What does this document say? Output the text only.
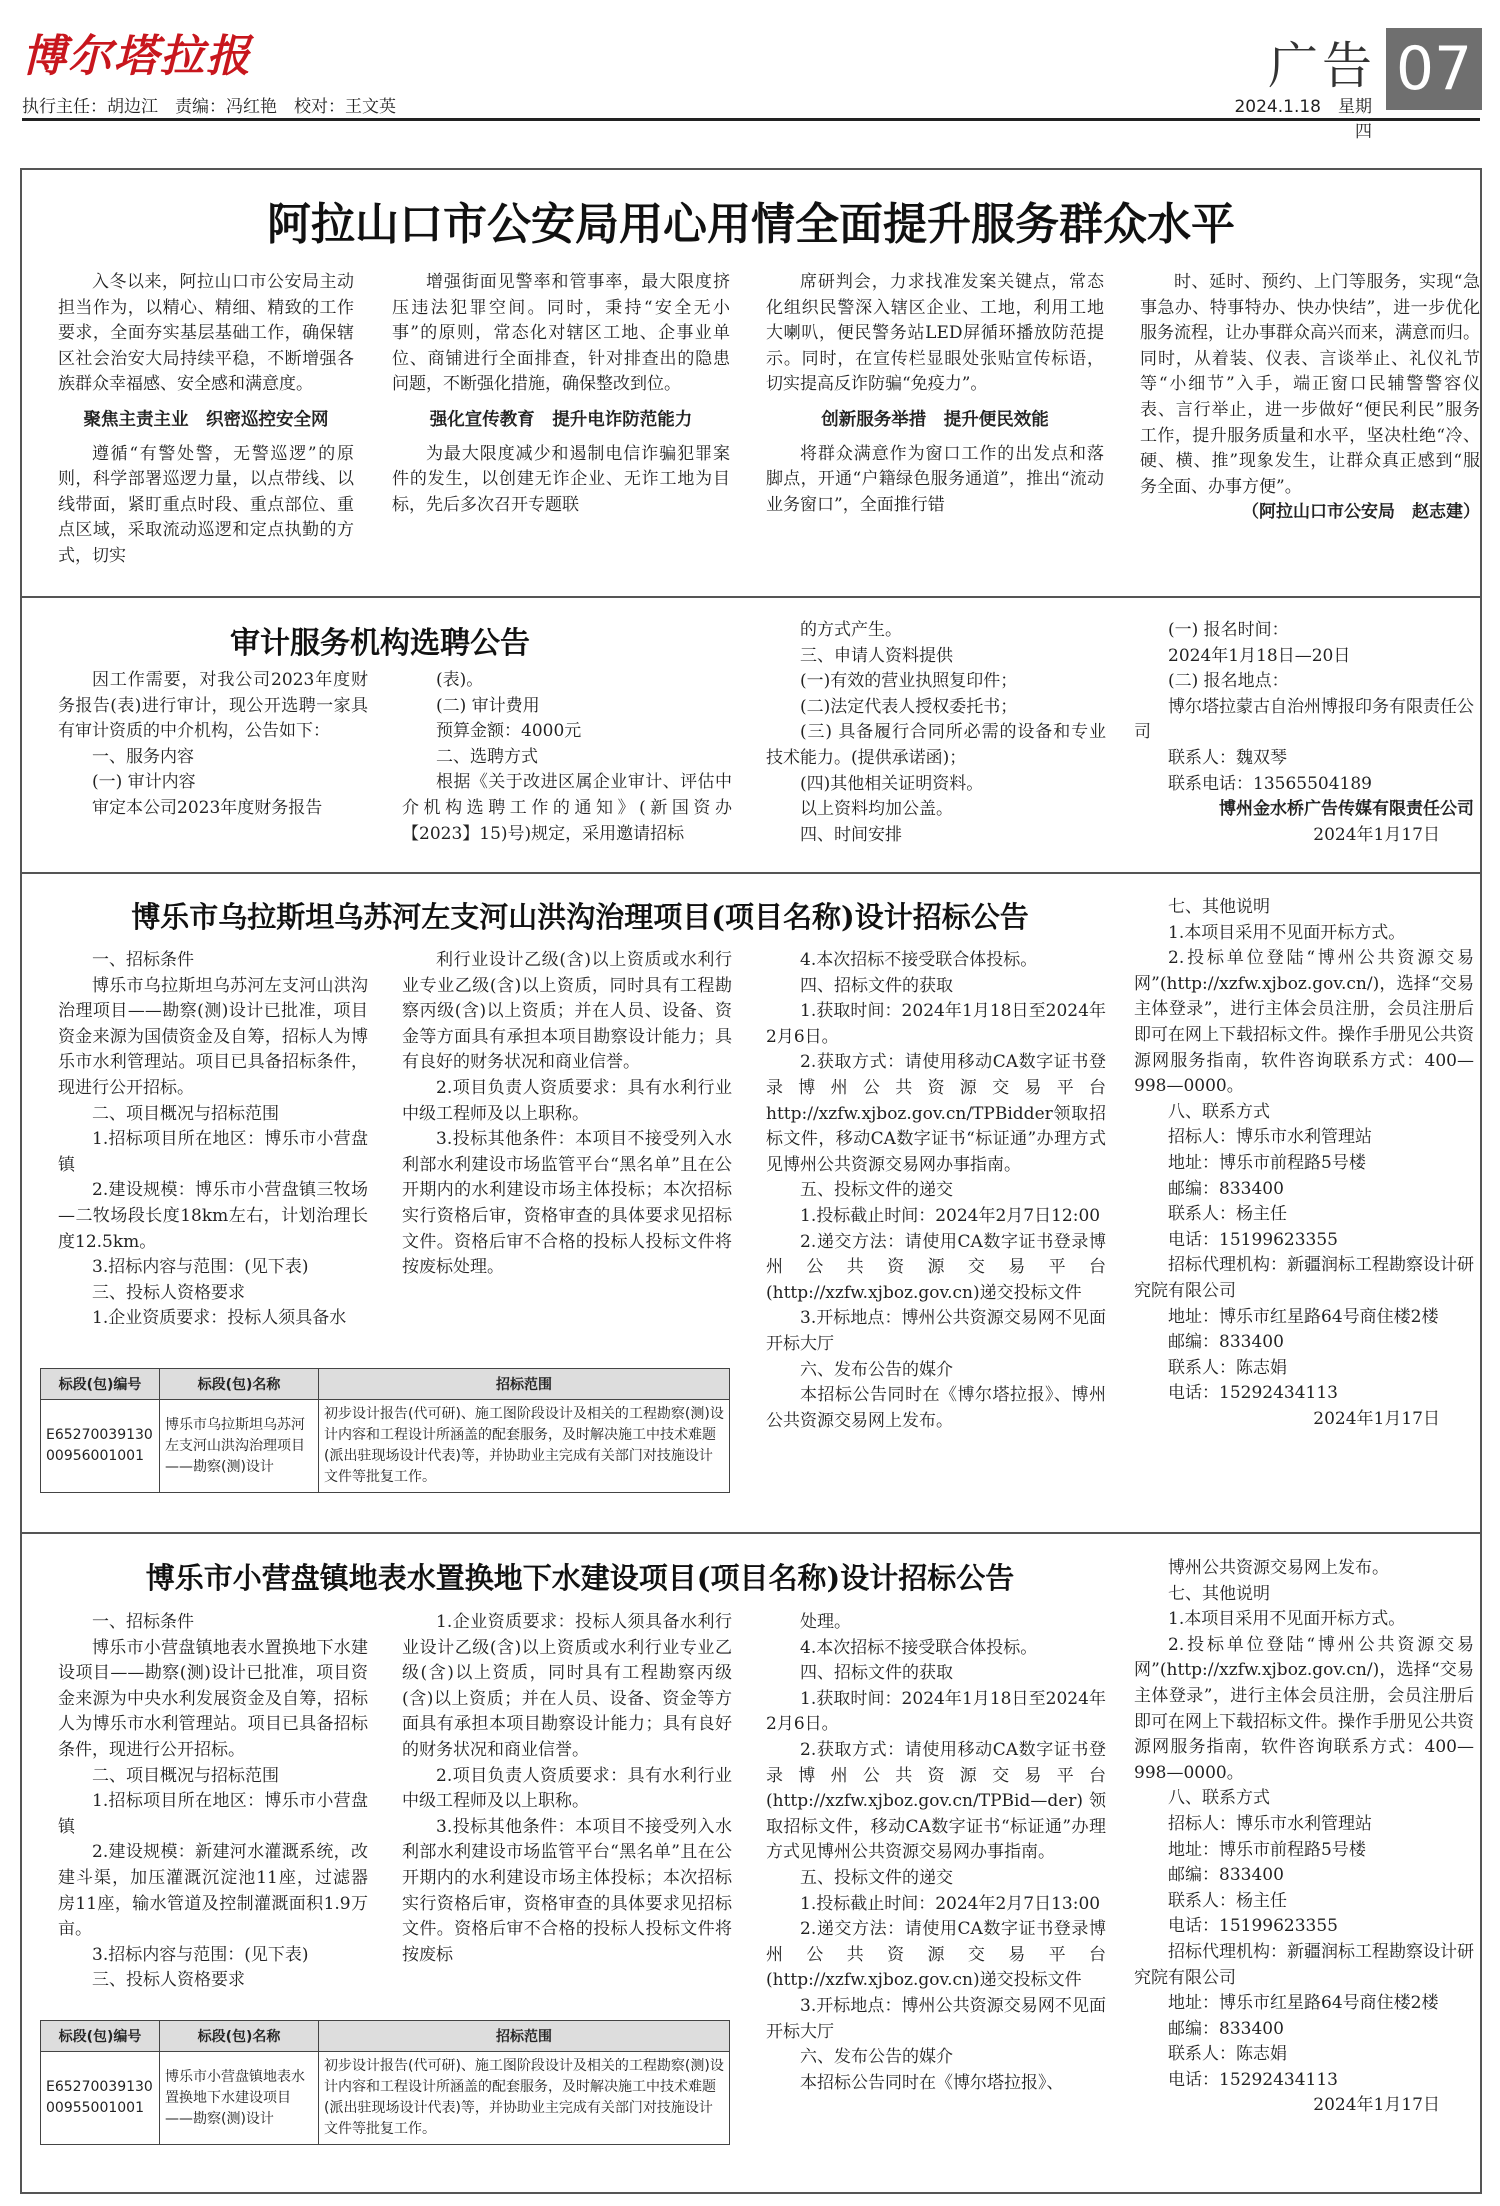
博尔塔拉报
执行主任：胡边江　责编：冯红艳　校对：王文英
广告 07
2024.1.18　星期四
阿拉山口市公安局用心用情全面提升服务群众水平

入冬以来，阿拉山口市公安局主动担当作为，以精心、精细、精致的工作要求，全面夯实基层基础工作，确保辖区社会治安大局持续平稳，不断增强各族群众幸福感、安全感和满意度。

聚焦主责主业　织密巡控安全网

遵循“有警处警，无警巡逻”的原则，科学部署巡逻力量，以点带线、以线带面，紧盯重点时段、重点部位、重点区域，采取流动巡逻和定点执勤的方式，切实

增强街面见警率和管事率，最大限度挤压违法犯罪空间。同时，秉持“安全无小事”的原则，常态化对辖区工地、企事业单位、商铺进行全面排查，针对排查出的隐患问题，不断强化措施，确保整改到位。

强化宣传教育　提升电诈防范能力

为最大限度减少和遏制电信诈骗犯罪案件的发生，以创建无诈企业、无诈工地为目标，先后多次召开专题联

席研判会，力求找准发案关键点，常态化组织民警深入辖区企业、工地，利用工地大喇叭，便民警务站LED屏循环播放防范提示。同时，在宣传栏显眼处张贴宣传标语，切实提高反诈防骗“免疫力”。

创新服务举措　提升便民效能

将群众满意作为窗口工作的出发点和落脚点，开通“户籍绿色服务通道”，推出“流动业务窗口”，全面推行错

时、延时、预约、上门等服务，实现“急事急办、特事特办、快办快结”，进一步优化服务流程，让办事群众高兴而来，满意而归。同时，从着装、仪表、言谈举止、礼仪礼节等“小细节”入手，端正窗口民辅警警容仪表、言行举止，进一步做好“便民利民”服务工作，提升服务质量和水平，坚决杜绝“冷、硬、横、推”现象发生，让群众真正感到“服务全面、办事方便”。

（阿拉山口市公安局　赵志建）

审计服务机构选聘公告

因工作需要，对我公司2023年度财务报告(表)进行审计，现公开选聘一家具有审计资质的中介机构，公告如下：

一、服务内容

(一) 审计内容

审定本公司2023年度财务报告

(表)。

(二) 审计费用

预算金额：4000元

二、选聘方式

根据《关于改进区属企业审计、评估中介机构选聘工作的通知》(新国资办【2023】15)号)规定，采用邀请招标

的方式产生。

三、申请人资料提供

(一)有效的营业执照复印件；

(二)法定代表人授权委托书；

(三) 具备履行合同所必需的设备和专业技术能力。(提供承诺函)；

(四)其他相关证明资料。

以上资料均加公盖。

四、时间安排

(一) 报名时间：

2024年1月18日—20日

(二) 报名地点：

博尔塔拉蒙古自治州博报印务有限责任公司

联系人：魏双琴

联系电话：13565504189

博州金水桥广告传媒有限责任公司

2024年1月17日

博乐市乌拉斯坦乌苏河左支河山洪沟治理项目(项目名称)设计招标公告

一、招标条件

博乐市乌拉斯坦乌苏河左支河山洪沟治理项目——勘察(测)设计已批准，项目资金来源为国债资金及自筹，招标人为博乐市水利管理站。项目已具备招标条件，现进行公开招标。

二、项目概况与招标范围

1.招标项目所在地区：博乐市小营盘镇

2.建设规模：博乐市小营盘镇三牧场—二牧场段长度18km左右，计划治理长度12.5km。

3.招标内容与范围：(见下表)

三、投标人资格要求

1.企业资质要求：投标人须具备水

利行业设计乙级(含)以上资质或水利行业专业乙级(含)以上资质，同时具有工程勘察丙级(含)以上资质；并在人员、设备、资金等方面具有承担本项目勘察设计能力；具有良好的财务状况和商业信誉。

2.项目负责人资质要求：具有水利行业中级工程师及以上职称。

3.投标其他条件：本项目不接受列入水利部水利建设市场监管平台“黑名单”且在公开期内的水利建设市场主体投标；本次招标实行资格后审，资格审查的具体要求见招标文件。资格后审不合格的投标人投标文件将按废标处理。

4.本次招标不接受联合体投标。

四、招标文件的获取

1.获取时间：2024年1月18日至2024年2月6日。

2.获取方式：请使用移动CA数字证书登录博州公共资源交易平台http://xzfw.xjboz.gov.cn/TPBidder领取招标文件，移动CA数字证书“标证通”办理方式见博州公共资源交易网办事指南。

五、投标文件的递交

1.投标截止时间：2024年2月7日12:00

2.递交方法：请使用CA数字证书登录博州公共资源交易平台(http://xzfw.xjboz.gov.cn)递交投标文件

3.开标地点：博州公共资源交易网不见面开标大厅

六、发布公告的媒介

本招标公告同时在《博尔塔拉报》、博州公共资源交易网上发布。

七、其他说明

1.本项目采用不见面开标方式。

2.投标单位登陆“博州公共资源交易网”(http://xzfw.xjboz.gov.cn/)，选择“交易主体登录”，进行主体会员注册，会员注册后即可在网上下载招标文件。操作手册见公共资源网服务指南，软件咨询联系方式：400—998—0000。

八、联系方式

招标人：博乐市水利管理站

地址：博乐市前程路5号楼

邮编：833400

联系人：杨主任

电话：15199623355

招标代理机构：新疆润标工程勘察设计研究院有限公司

地址：博乐市红星路64号商住楼2楼

邮编：833400

联系人：陈志娟

电话：15292434113

2024年1月17日

标段(包)编号	标段(包)名称	招标范围
E6527003913000956001001	博乐市乌拉斯坦乌苏河左支河山洪沟治理项目——勘察(测)设计	初步设计报告(代可研)、施工图阶段设计及相关的工程勘察(测)设计内容和工程设计所涵盖的配套服务，及时解决施工中技术难题(派出驻现场设计代表)等，并协助业主完成有关部门对技施设计文件等批复工作。
博乐市小营盘镇地表水置换地下水建设项目(项目名称)设计招标公告

一、招标条件

博乐市小营盘镇地表水置换地下水建设项目——勘察(测)设计已批准，项目资金来源为中央水利发展资金及自筹，招标人为博乐市水利管理站。项目已具备招标条件，现进行公开招标。

二、项目概况与招标范围

1.招标项目所在地区：博乐市小营盘镇

2.建设规模：新建河水灌溉系统，改建斗渠，加压灌溉沉淀池11座，过滤器房11座，输水管道及控制灌溉面积1.9万亩。

3.招标内容与范围：(见下表)

三、投标人资格要求

1.企业资质要求：投标人须具备水利行业设计乙级(含)以上资质或水利行业专业乙级(含)以上资质，同时具有工程勘察丙级(含)以上资质；并在人员、设备、资金等方面具有承担本项目勘察设计能力；具有良好的财务状况和商业信誉。

2.项目负责人资质要求：具有水利行业中级工程师及以上职称。

3.投标其他条件：本项目不接受列入水利部水利建设市场监管平台“黑名单”且在公开期内的水利建设市场主体投标；本次招标实行资格后审，资格审查的具体要求见招标文件。资格后审不合格的投标人投标文件将按废标

处理。

4.本次招标不接受联合体投标。

四、招标文件的获取

1.获取时间：2024年1月18日至2024年2月6日。

2.获取方式：请使用移动CA数字证书登录博州公共资源交易平台(http://xzfw.xjboz.gov.cn/TPBid—der)领取招标文件，移动CA数字证书“标证通”办理方式见博州公共资源交易网办事指南。

五、投标文件的递交

1.投标截止时间：2024年2月7日13:00

2.递交方法：请使用CA数字证书登录博州公共资源交易平台(http://xzfw.xjboz.gov.cn)递交投标文件

3.开标地点：博州公共资源交易网不见面开标大厅

六、发布公告的媒介

本招标公告同时在《博尔塔拉报》、

博州公共资源交易网上发布。

七、其他说明

1.本项目采用不见面开标方式。

2.投标单位登陆“博州公共资源交易网”(http://xzfw.xjboz.gov.cn/)，选择“交易主体登录”，进行主体会员注册，会员注册后即可在网上下载招标文件。操作手册见公共资源网服务指南，软件咨询联系方式：400—998—0000。

八、联系方式

招标人：博乐市水利管理站

地址：博乐市前程路5号楼

邮编：833400

联系人：杨主任

电话：15199623355

招标代理机构：新疆润标工程勘察设计研究院有限公司

地址：博乐市红星路64号商住楼2楼

邮编：833400

联系人：陈志娟

电话：15292434113

2024年1月17日

标段(包)编号	标段(包)名称	招标范围
E6527003913000955001001	博乐市小营盘镇地表水置换地下水建设项目——勘察(测)设计	初步设计报告(代可研)、施工图阶段设计及相关的工程勘察(测)设计内容和工程设计所涵盖的配套服务，及时解决施工中技术难题(派出驻现场设计代表)等，并协助业主完成有关部门对技施设计文件等批复工作。
